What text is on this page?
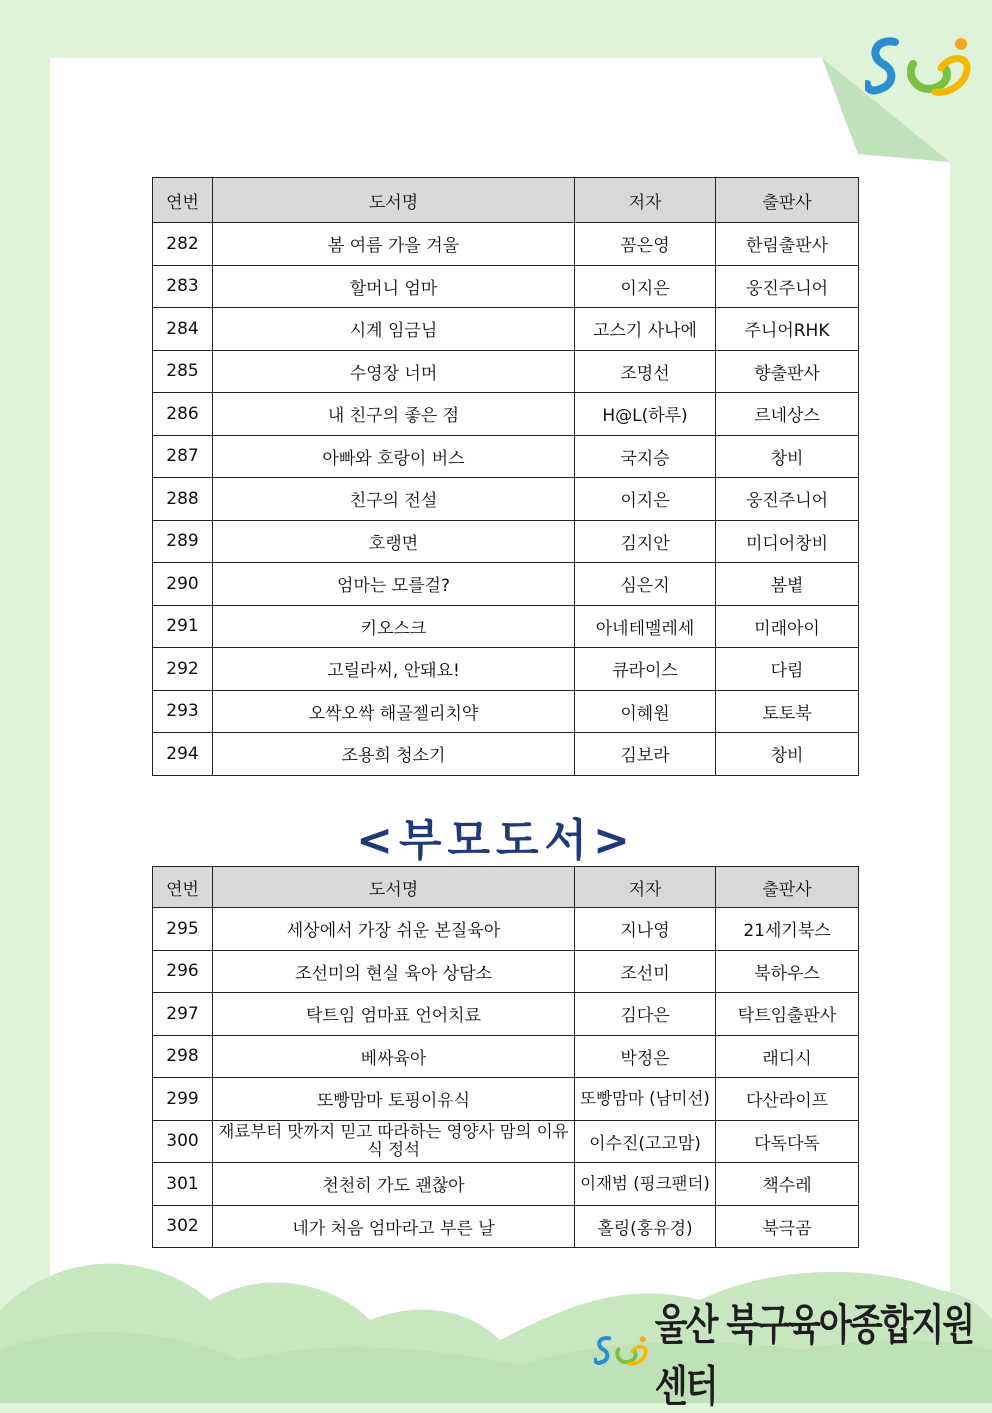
연번	도서명	저자	출판사
282	봄 여름 가을 겨울	꼼은영	한림출판사
283	할머니 엄마	이지은	웅진주니어
284	시계 임금님	고스기 사나에	주니어RHK
285	수영장 너머	조명선	향출판사
286	내 친구의 좋은 점	H@L(하루)	르네상스
287	아빠와 호랑이 버스	국지승	창비
288	친구의 전설	이지은	웅진주니어
289	호랭면	김지안	미디어창비
290	엄마는 모를걸?	심은지	봄볕
291	키오스크	아네테멜레세	미래아이
292	고릴라씨, 안돼요!	큐라이스	다림
293	오싹오싹 해골젤리치약	이혜원	토토북
294	조용희 청소기	김보라	창비
<부모도서>
연번	도서명	저자	출판사
295	세상에서 가장 쉬운 본질육아	지나영	21세기북스
296	조선미의 현실 육아 상담소	조선미	북하우스
297	탁트임 엄마표 언어치료	김다은	탁트임출판사
298	베싸육아	박정은	래디시
299	또빵맘마 토핑이유식	또빵맘마 (남미선)	다산라이프
300	재료부터 맛까지 믿고 따라하는 영양사 맘의 이유식 정석	이수진(고고맘)	다독다독
301	천천히 가도 괜찮아	이재범 (핑크팬더)	책수레
302	네가 처음 엄마라고 부른 날	홀링(홍유경)	북극곰
울산 북구육아종합지원센터
